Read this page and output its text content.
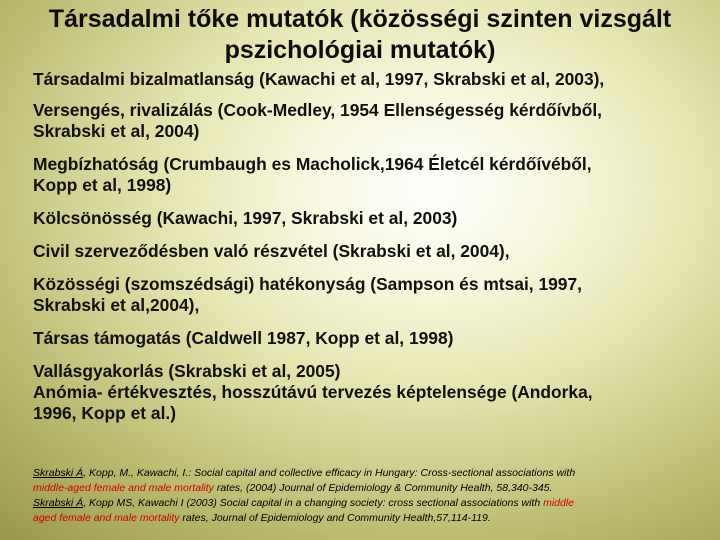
Társadalmi tőke mutatók (közösségi szinten vizsgált
pszichológiai mutatók)

Társadalmi bizalmatlanság (Kawachi et al, 1997, Skrabski et al, 2003),

Versengés, rivalizálás (Cook-Medley, 1954 Ellenségesség kérdőívből,
Skrabski et al, 2004)

Megbízhatóság (Crumbaugh es Macholick,1964 Életcél kérdőívéből,
Kopp et al, 1998)

Kölcsönösség (Kawachi, 1997, Skrabski et al, 2003)

Civil szerveződésben való részvétel (Skrabski et al, 2004),

Közösségi (szomszédsági) hatékonyság (Sampson és mtsai, 1997,
Skrabski et al,2004),

Társas támogatás (Caldwell 1987, Kopp et al, 1998)

Vallásgyakorlás (Skrabski et al, 2005)

Anómia- értékvesztés, hosszútávú tervezés képtelensége (Andorka,
1996, Kopp et al.)

Skrabski Á, Kopp, M., Kawachi, I.: Social capital and collective efficacy in Hungary: Cross-sectional associations with

middle-aged female and male mortality rates, (2004) Journal of Epidemiology & Community Health, 58,340-345.

Skrabski Á, Kopp MS, Kawachi I (2003) Social capital in a changing society: cross sectional associations with middle

aged female and male mortality rates, Journal of Epidemiology and Community Health,57,114-119.
